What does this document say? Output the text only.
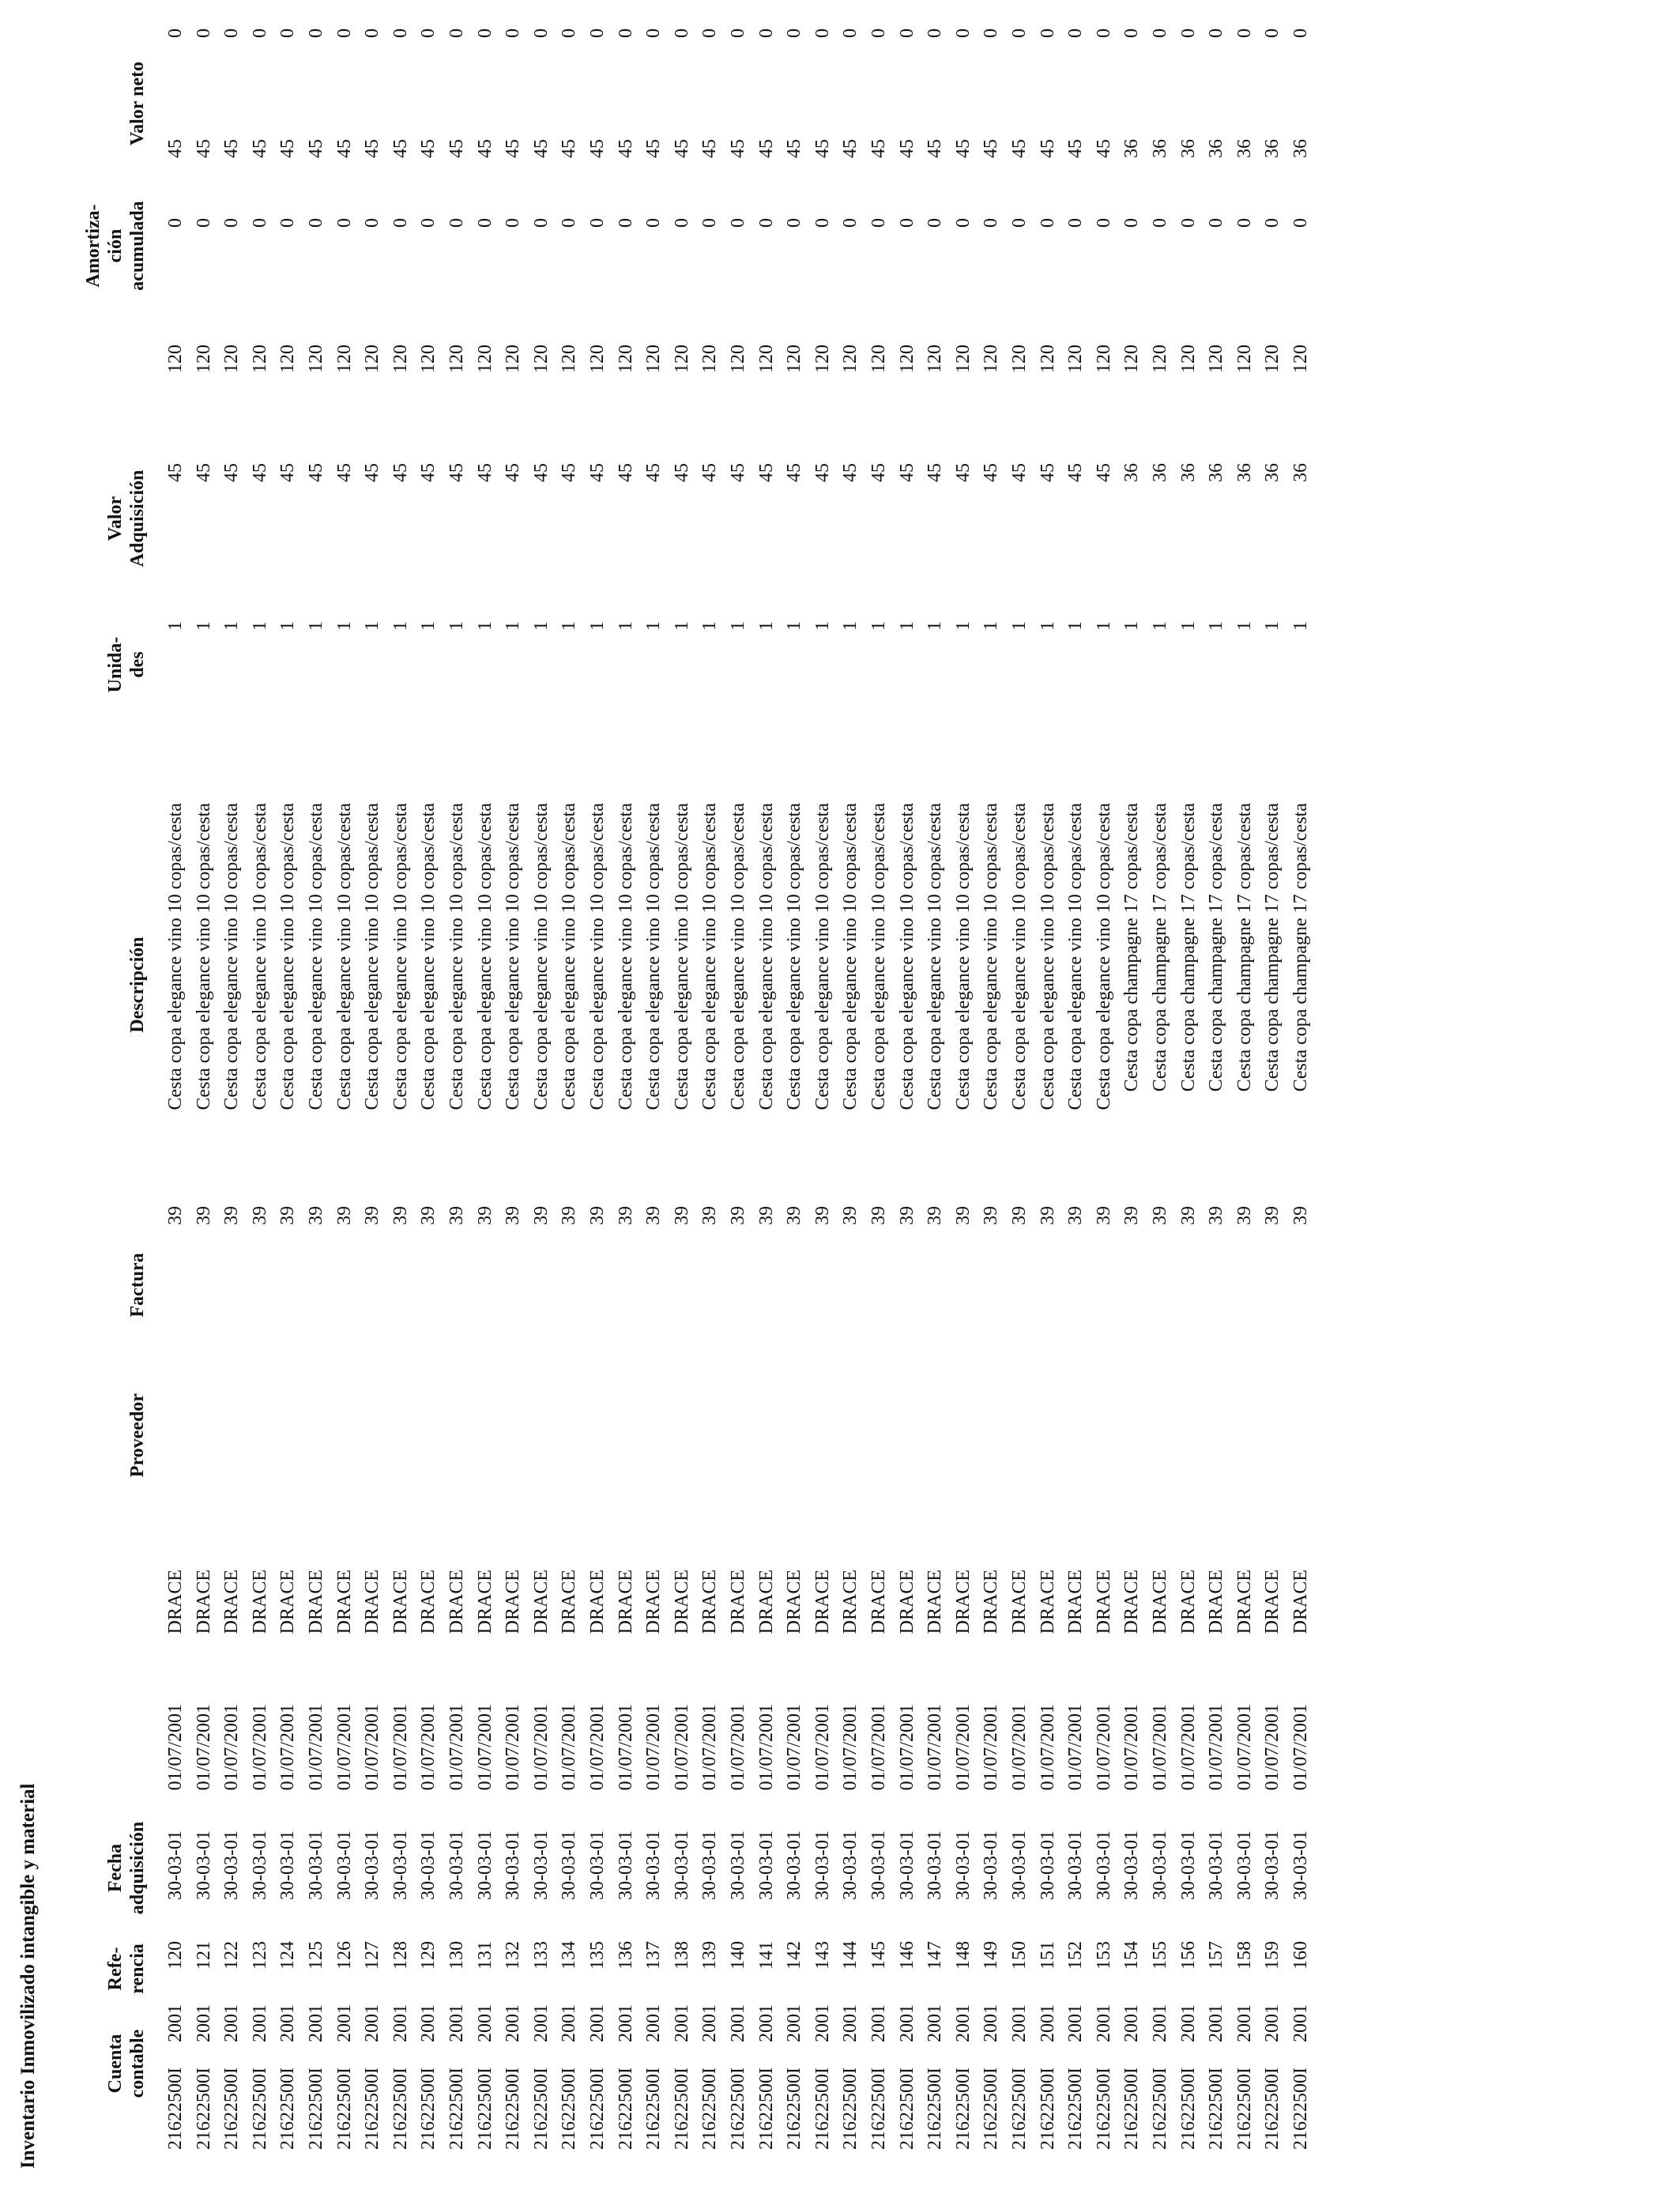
Inventario Inmovilizado intangible y material	Cuenta contable
Refe- rencia
Fecha adquisición
Proveedor
Factura
Descripción
Unida- des
Valor Adquisición
Amortiza- ción acumulada
Valor neto
21622500I
2001
120
30-03-01
01/07/2001
DRACE
39
Cesta copa elegance vino 10 copas/cesta
1
45
120
0
45
0
21622500I
2001
121
30-03-01
01/07/2001
DRACE
39
Cesta copa elegance vino 10 copas/cesta
1
45
120
0
45
0
21622500I
2001
122
30-03-01
01/07/2001
DRACE
39
Cesta copa elegance vino 10 copas/cesta
1
45
120
0
45
0
21622500I
2001
123
30-03-01
01/07/2001
DRACE
39
Cesta copa elegance vino 10 copas/cesta
1
45
120
0
45
0
21622500I
2001
124
30-03-01
01/07/2001
DRACE
39
Cesta copa elegance vino 10 copas/cesta
1
45
120
0
45
0
21622500I
2001
125
30-03-01
01/07/2001
DRACE
39
Cesta copa elegance vino 10 copas/cesta
1
45
120
0
45
0
21622500I
2001
126
30-03-01
01/07/2001
DRACE
39
Cesta copa elegance vino 10 copas/cesta
1
45
120
0
45
0
21622500I
2001
127
30-03-01
01/07/2001
DRACE
39
Cesta copa elegance vino 10 copas/cesta
1
45
120
0
45
0
21622500I
2001
128
30-03-01
01/07/2001
DRACE
39
Cesta copa elegance vino 10 copas/cesta
1
45
120
0
45
0
21622500I
2001
129
30-03-01
01/07/2001
DRACE
39
Cesta copa elegance vino 10 copas/cesta
1
45
120
0
45
0
21622500I
2001
130
30-03-01
01/07/2001
DRACE
39
Cesta copa elegance vino 10 copas/cesta
1
45
120
0
45
0
21622500I
2001
131
30-03-01
01/07/2001
DRACE
39
Cesta copa elegance vino 10 copas/cesta
1
45
120
0
45
0
21622500I
2001
132
30-03-01
01/07/2001
DRACE
39
Cesta copa elegance vino 10 copas/cesta
1
45
120
0
45
0
21622500I
2001
133
30-03-01
01/07/2001
DRACE
39
Cesta copa elegance vino 10 copas/cesta
1
45
120
0
45
0
21622500I
2001
134
30-03-01
01/07/2001
DRACE
39
Cesta copa elegance vino 10 copas/cesta
1
45
120
0
45
0
21622500I
2001
135
30-03-01
01/07/2001
DRACE
39
Cesta copa elegance vino 10 copas/cesta
1
45
120
0
45
0
21622500I
2001
136
30-03-01
01/07/2001
DRACE
39
Cesta copa elegance vino 10 copas/cesta
1
45
120
0
45
0
21622500I
2001
137
30-03-01
01/07/2001
DRACE
39
Cesta copa elegance vino 10 copas/cesta
1
45
120
0
45
0
21622500I
2001
138
30-03-01
01/07/2001
DRACE
39
Cesta copa elegance vino 10 copas/cesta
1
45
120
0
45
0
21622500I
2001
139
30-03-01
01/07/2001
DRACE
39
Cesta copa elegance vino 10 copas/cesta
1
45
120
0
45
0
21622500I
2001
140
30-03-01
01/07/2001
DRACE
39
Cesta copa elegance vino 10 copas/cesta
1
45
120
0
45
0
21622500I
2001
141
30-03-01
01/07/2001
DRACE
39
Cesta copa elegance vino 10 copas/cesta
1
45
120
0
45
0
21622500I
2001
142
30-03-01
01/07/2001
DRACE
39
Cesta copa elegance vino 10 copas/cesta
1
45
120
0
45
0
21622500I
2001
143
30-03-01
01/07/2001
DRACE
39
Cesta copa elegance vino 10 copas/cesta
1
45
120
0
45
0
21622500I
2001
144
30-03-01
01/07/2001
DRACE
39
Cesta copa elegance vino 10 copas/cesta
1
45
120
0
45
0
21622500I
2001
145
30-03-01
01/07/2001
DRACE
39
Cesta copa elegance vino 10 copas/cesta
1
45
120
0
45
0
21622500I
2001
146
30-03-01
01/07/2001
DRACE
39
Cesta copa elegance vino 10 copas/cesta
1
45
120
0
45
0
21622500I
2001
147
30-03-01
01/07/2001
DRACE
39
Cesta copa elegance vino 10 copas/cesta
1
45
120
0
45
0
21622500I
2001
148
30-03-01
01/07/2001
DRACE
39
Cesta copa elegance vino 10 copas/cesta
1
45
120
0
45
0
21622500I
2001
149
30-03-01
01/07/2001
DRACE
39
Cesta copa elegance vino 10 copas/cesta
1
45
120
0
45
0
21622500I
2001
150
30-03-01
01/07/2001
DRACE
39
Cesta copa elegance vino 10 copas/cesta
1
45
120
0
45
0
21622500I
2001
151
30-03-01
01/07/2001
DRACE
39
Cesta copa elegance vino 10 copas/cesta
1
45
120
0
45
0
21622500I
2001
152
30-03-01
01/07/2001
DRACE
39
Cesta copa elegance vino 10 copas/cesta
1
45
120
0
45
0
21622500I
2001
153
30-03-01
01/07/2001
DRACE
39
Cesta copa elegance vino 10 copas/cesta
1
45
120
0
45
0
21622500I
2001
154
30-03-01
01/07/2001
DRACE
39
Cesta copa champagne 17 copas/cesta
1
36
120
0
36
0
21622500I
2001
155
30-03-01
01/07/2001
DRACE
39
Cesta copa champagne 17 copas/cesta
1
36
120
0
36
0
21622500I
2001
156
30-03-01
01/07/2001
DRACE
39
Cesta copa champagne 17 copas/cesta
1
36
120
0
36
0
21622500I
2001
157
30-03-01
01/07/2001
DRACE
39
Cesta copa champagne 17 copas/cesta
1
36
120
0
36
0
21622500I
2001
158
30-03-01
01/07/2001
DRACE
39
Cesta copa champagne 17 copas/cesta
1
36
120
0
36
0
21622500I
2001
159
30-03-01
01/07/2001
DRACE
39
Cesta copa champagne 17 copas/cesta
1
36
120
0
36
0
21622500I
2001
160
30-03-01
01/07/2001
DRACE
39
Cesta copa champagne 17 copas/cesta
1
36
120
0
36
0
